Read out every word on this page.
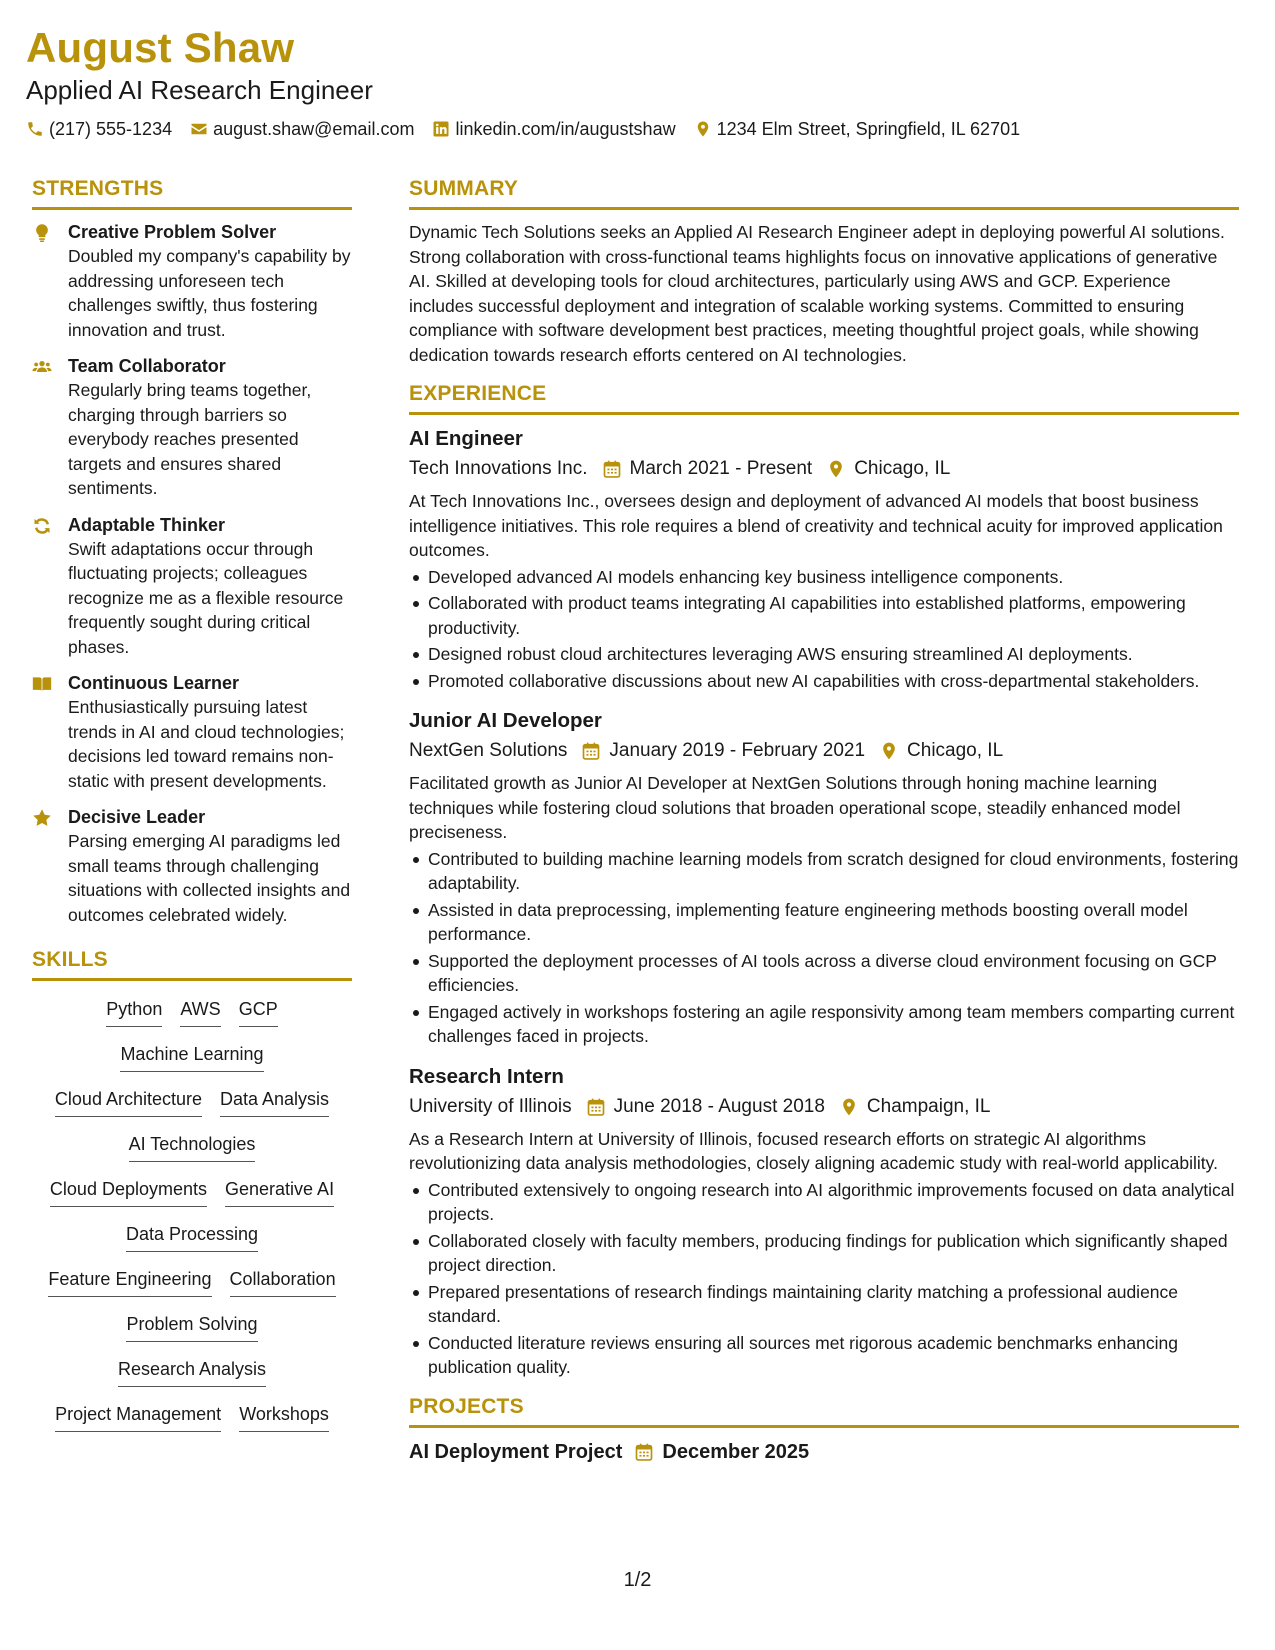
August Shaw
Applied AI Research Engineer
(217) 555-1234 august.shaw@email.com linkedin.com/in/augustshaw 1234 Elm Street, Springfield, IL 62701
STRENGTHS
Creative Problem Solver
Doubled my company's capability by addressing unforeseen tech challenges swiftly, thus fostering innovation and trust.
Team Collaborator
Regularly bring teams together, charging through barriers so everybody reaches presented targets and ensures shared sentiments.
Adaptable Thinker
Swift adaptations occur through fluctuating projects; colleagues recognize me as a flexible resource frequently sought during critical phases.
Continuous Learner
Enthusiastically pursuing latest trends in AI and cloud technologies; decisions led toward remains non-static with present developments.
Decisive Leader
Parsing emerging AI paradigms led small teams through challenging situations with collected insights and outcomes celebrated widely.
SKILLS
Python AWS GCP
Machine Learning
Cloud Architecture Data Analysis
AI Technologies
Cloud Deployments Generative AI
Data Processing
Feature Engineering Collaboration
Problem Solving
Research Analysis
Project Management Workshops
SUMMARY
Dynamic Tech Solutions seeks an Applied AI Research Engineer adept in deploying powerful AI solutions. Strong collaboration with cross-functional teams highlights focus on innovative applications of generative AI. Skilled at developing tools for cloud architectures, particularly using AWS and GCP. Experience includes successful deployment and integration of scalable working systems. Committed to ensuring compliance with software development best practices, meeting thoughtful project goals, while showing dedication towards research efforts centered on AI technologies.
EXPERIENCE
AI Engineer
Tech Innovations Inc. March 2021 - Present Chicago, IL
At Tech Innovations Inc., oversees design and deployment of advanced AI models that boost business intelligence initiatives. This role requires a blend of creativity and technical acuity for improved application outcomes.
Developed advanced AI models enhancing key business intelligence components.
Collaborated with product teams integrating AI capabilities into established platforms, empowering productivity.
Designed robust cloud architectures leveraging AWS ensuring streamlined AI deployments.
Promoted collaborative discussions about new AI capabilities with cross-departmental stakeholders.
Junior AI Developer
NextGen Solutions January 2019 - February 2021 Chicago, IL
Facilitated growth as Junior AI Developer at NextGen Solutions through honing machine learning techniques while fostering cloud solutions that broaden operational scope, steadily enhanced model preciseness.
Contributed to building machine learning models from scratch designed for cloud environments, fostering adaptability.
Assisted in data preprocessing, implementing feature engineering methods boosting overall model performance.
Supported the deployment processes of AI tools across a diverse cloud environment focusing on GCP efficiencies.
Engaged actively in workshops fostering an agile responsivity among team members comparting current challenges faced in projects.
Research Intern
University of Illinois June 2018 - August 2018 Champaign, IL
As a Research Intern at University of Illinois, focused research efforts on strategic AI algorithms revolutionizing data analysis methodologies, closely aligning academic study with real-world applicability.
Contributed extensively to ongoing research into AI algorithmic improvements focused on data analytical projects.
Collaborated closely with faculty members, producing findings for publication which significantly shaped project direction.
Prepared presentations of research findings maintaining clarity matching a professional audience standard.
Conducted literature reviews ensuring all sources met rigorous academic benchmarks enhancing publication quality.
PROJECTS
AI Deployment Project December 2025
1/2
